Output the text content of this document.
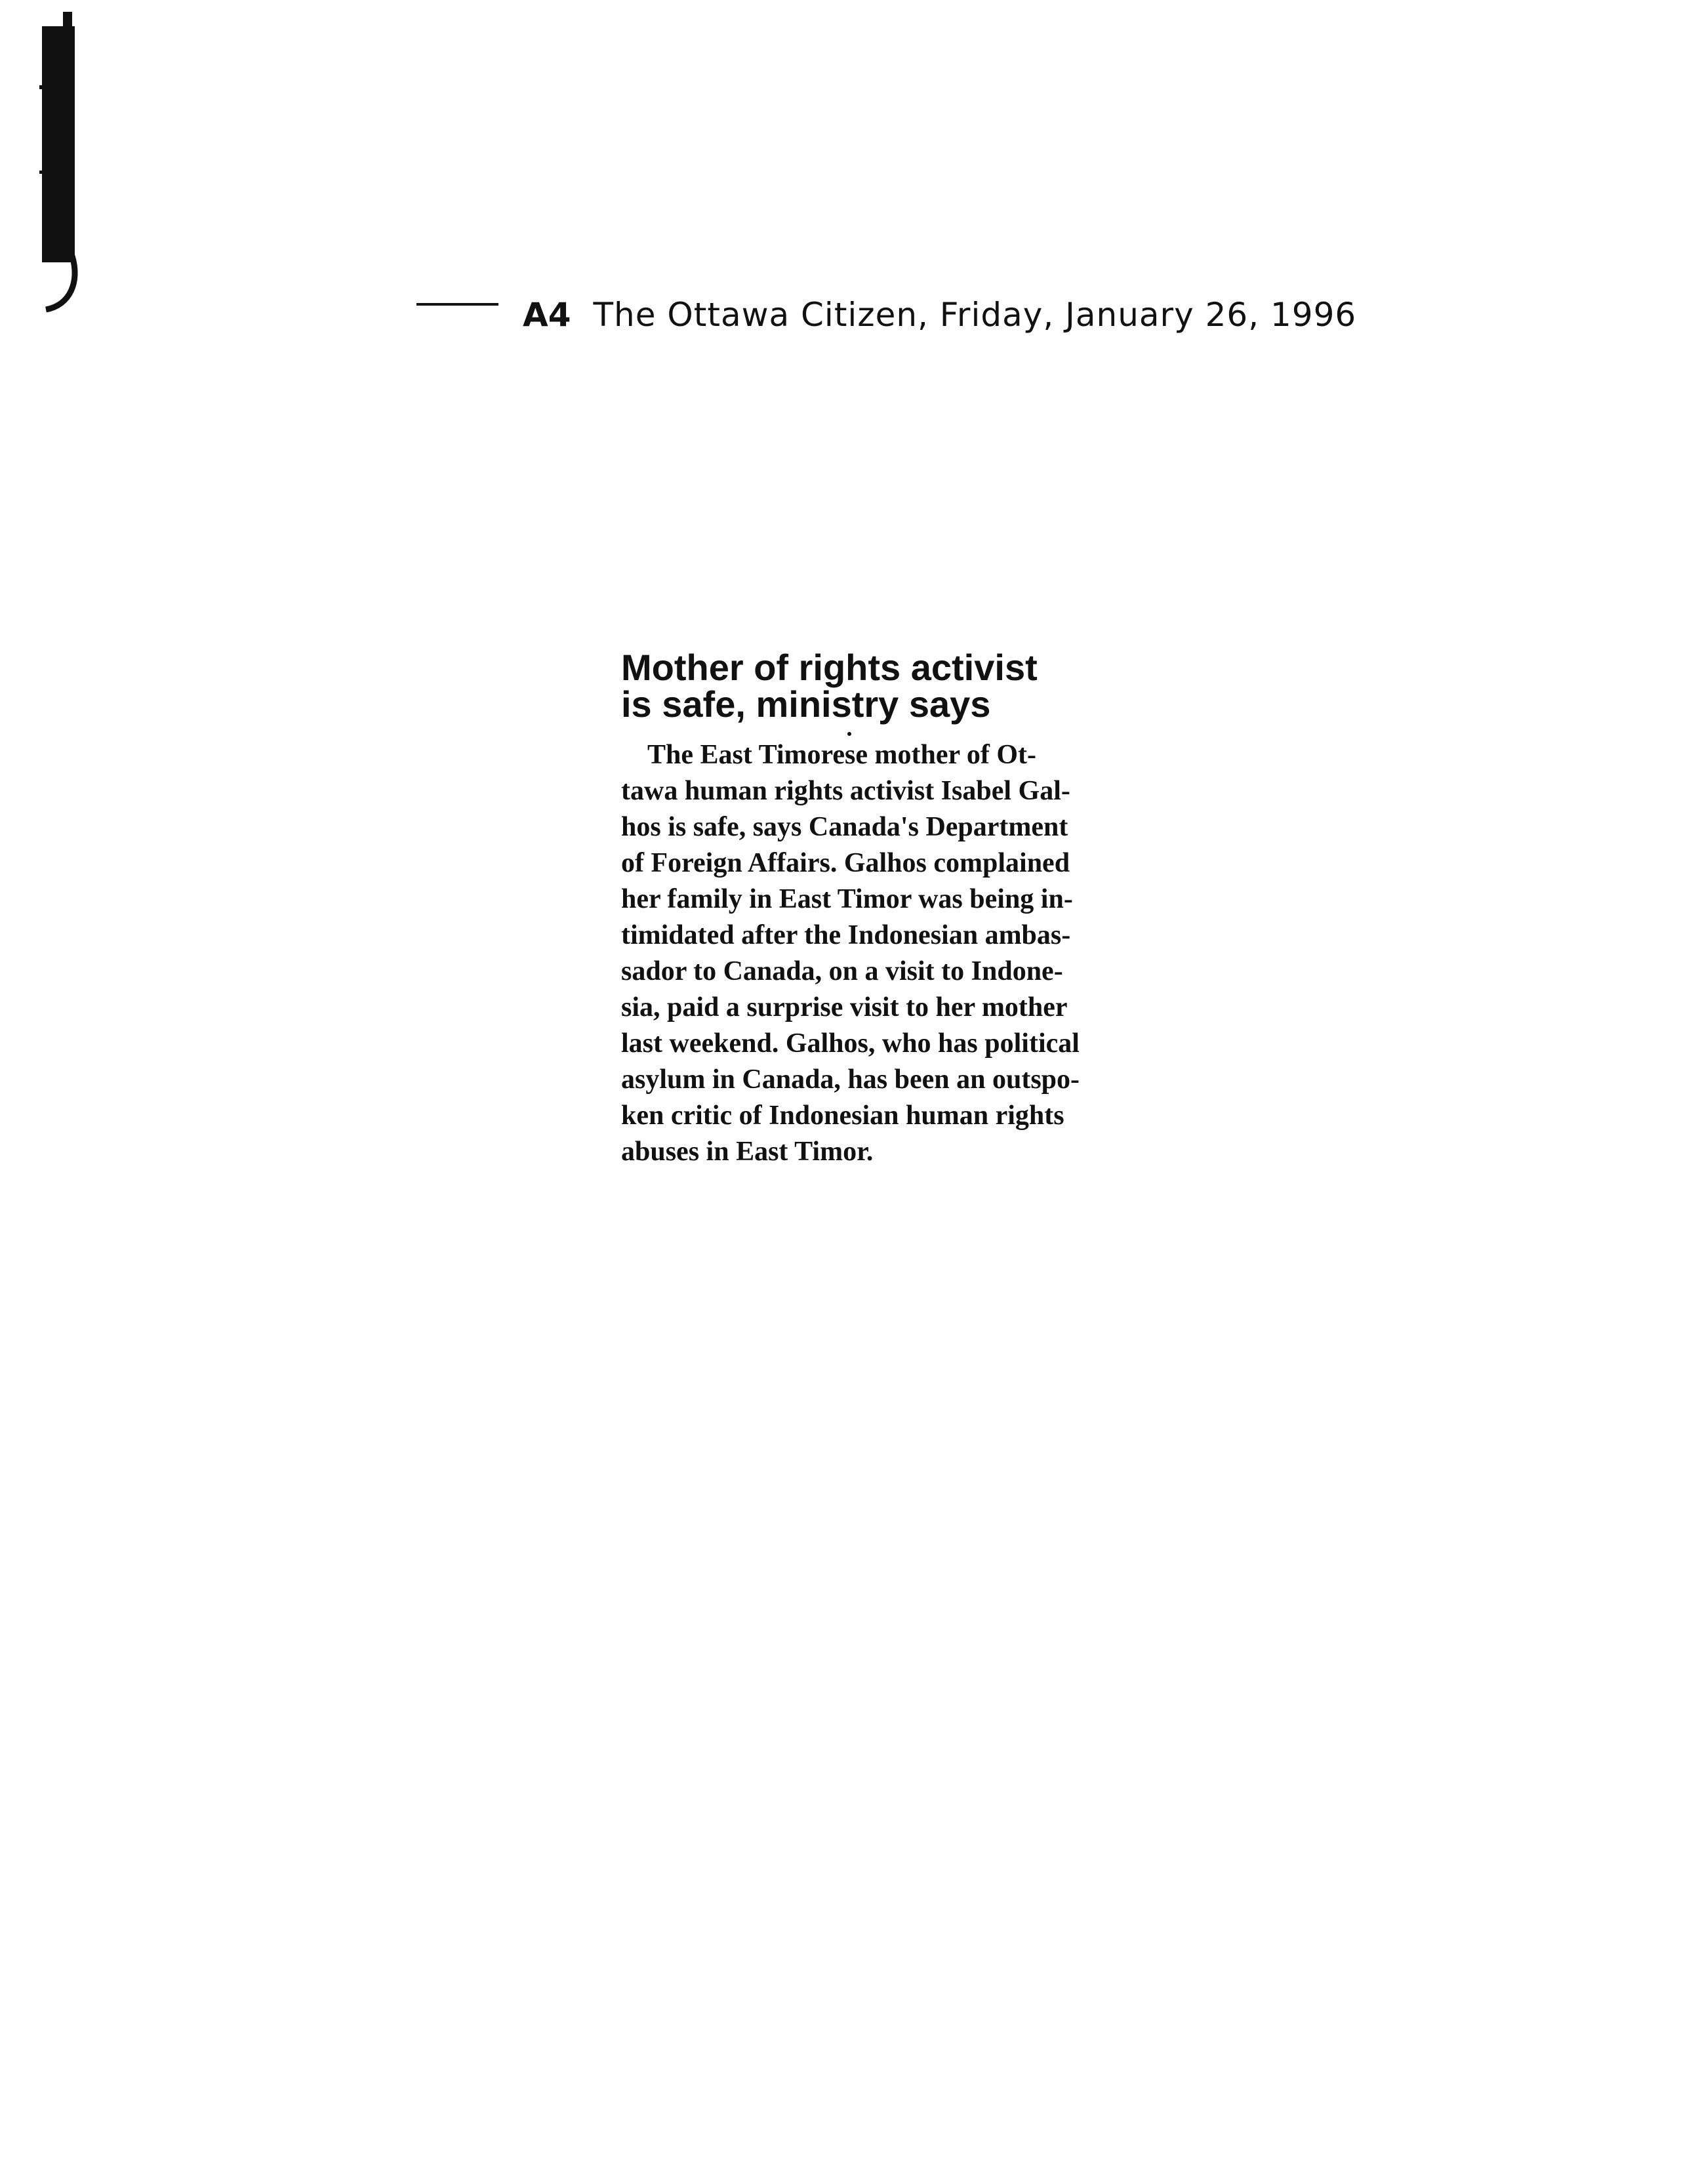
A4 The Ottawa Citizen, Friday, January 26, 1996
Mother of rights activist
is safe, ministry says
The East Timorese mother of Ot-
tawa human rights activist Isabel Gal-
hos is safe, says Canada's Department
of Foreign Affairs. Galhos complained
her family in East Timor was being in-
timidated after the Indonesian ambas-
sador to Canada, on a visit to Indone-
sia, paid a surprise visit to her mother
last weekend. Galhos, who has political
asylum in Canada, has been an outspo-
ken critic of Indonesian human rights
abuses in East Timor.
